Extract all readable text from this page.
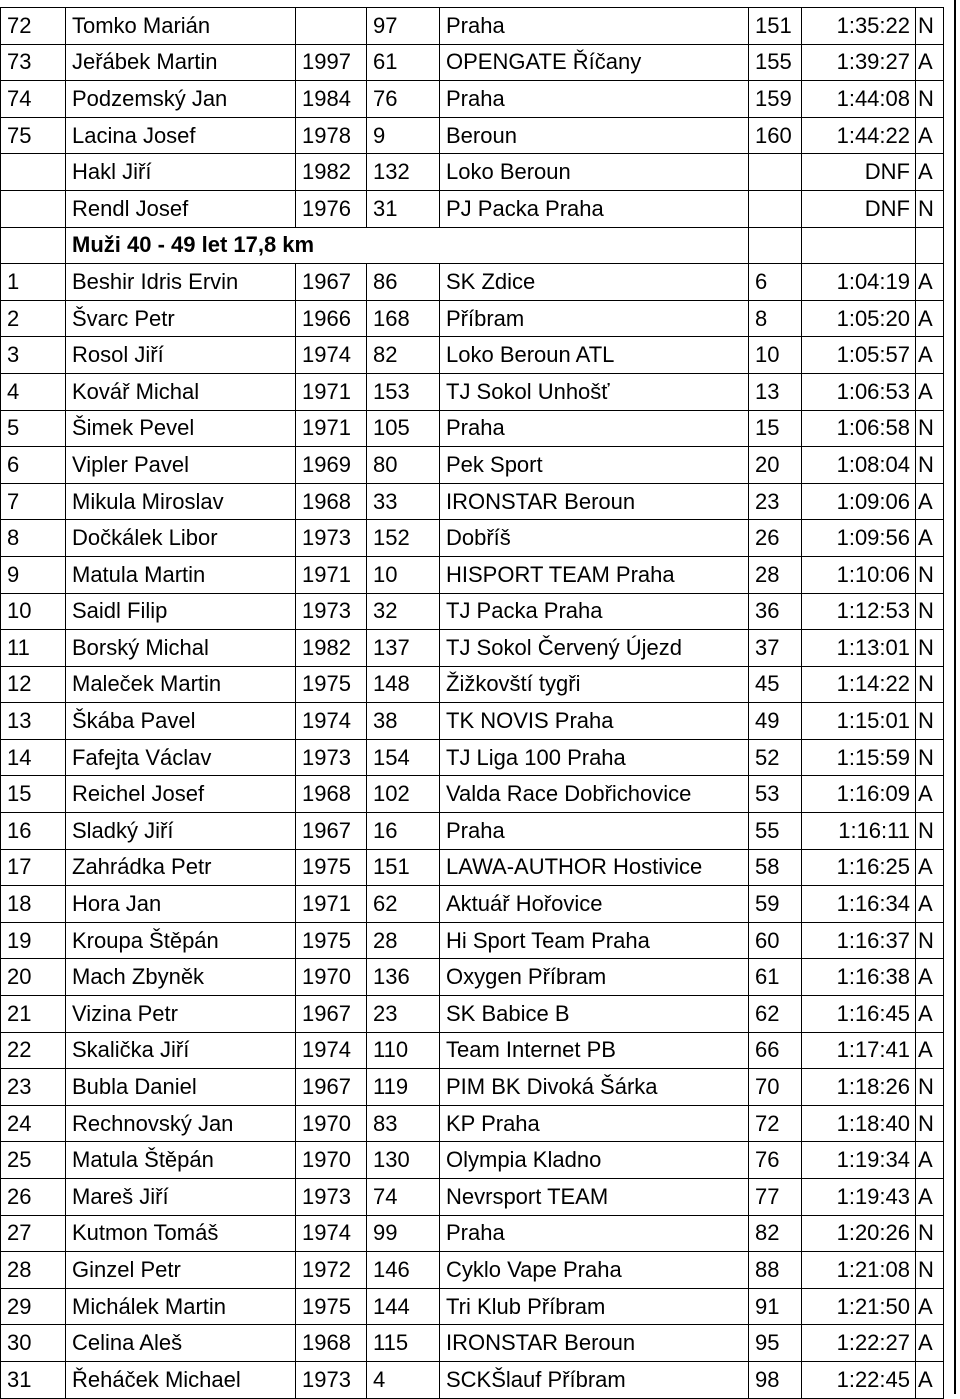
72	Tomko Marián		97	Praha	151	1:35:22	N
73	Jeřábek Martin	1997	61	OPENGATE Říčany	155	1:39:27	A
74	Podzemský Jan	1984	76	Praha	159	1:44:08	N
75	Lacina Josef	1978	9	Beroun	160	1:44:22	A
	Hakl Jiří	1982	132	Loko Beroun		DNF	A
	Rendl Josef	1976	31	PJ Packa Praha		DNF	N
	Muži 40 - 49 let 17,8 km						
1	Beshir Idris Ervin	1967	86	SK Zdice	6	1:04:19	A
2	Švarc Petr	1966	168	Příbram	8	1:05:20	A
3	Rosol Jiří	1974	82	Loko Beroun ATL	10	1:05:57	A
4	Kovář Michal	1971	153	TJ Sokol Unhošť	13	1:06:53	A
5	Šimek Pevel	1971	105	Praha	15	1:06:58	N
6	Vipler Pavel	1969	80	Pek Sport	20	1:08:04	N
7	Mikula Miroslav	1968	33	IRONSTAR Beroun	23	1:09:06	A
8	Dočkálek Libor	1973	152	Dobříš	26	1:09:56	A
9	Matula Martin	1971	10	HISPORT TEAM Praha	28	1:10:06	N
10	Saidl Filip	1973	32	TJ Packa Praha	36	1:12:53	N
11	Borský Michal	1982	137	TJ Sokol Červený Újezd	37	1:13:01	N
12	Maleček Martin	1975	148	Žižkovští tygři	45	1:14:22	N
13	Škába Pavel	1974	38	TK NOVIS Praha	49	1:15:01	N
14	Fafejta Václav	1973	154	TJ Liga 100 Praha	52	1:15:59	N
15	Reichel Josef	1968	102	Valda Race Dobřichovice	53	1:16:09	A
16	Sladký Jiří	1967	16	Praha	55	1:16:11	N
17	Zahrádka Petr	1975	151	LAWA-AUTHOR Hostivice	58	1:16:25	A
18	Hora Jan	1971	62	Aktuář Hořovice	59	1:16:34	A
19	Kroupa Štěpán	1975	28	Hi Sport Team Praha	60	1:16:37	N
20	Mach Zbyněk	1970	136	Oxygen Příbram	61	1:16:38	A
21	Vizina Petr	1967	23	SK Babice B	62	1:16:45	A
22	Skalička Jiří	1974	110	Team Internet PB	66	1:17:41	A
23	Bubla Daniel	1967	119	PIM BK Divoká Šárka	70	1:18:26	N
24	Rechnovský Jan	1970	83	KP Praha	72	1:18:40	N
25	Matula Štěpán	1970	130	Olympia Kladno	76	1:19:34	A
26	Mareš Jiří	1973	74	Nevrsport TEAM	77	1:19:43	A
27	Kutmon Tomáš	1974	99	Praha	82	1:20:26	N
28	Ginzel Petr	1972	146	Cyklo Vape Praha	88	1:21:08	N
29	Michálek Martin	1975	144	Tri Klub Příbram	91	1:21:50	A
30	Celina Aleš	1968	115	IRONSTAR Beroun	95	1:22:27	A
31	Řeháček Michael	1973	4	SCKŠlauf Příbram	98	1:22:45	A
